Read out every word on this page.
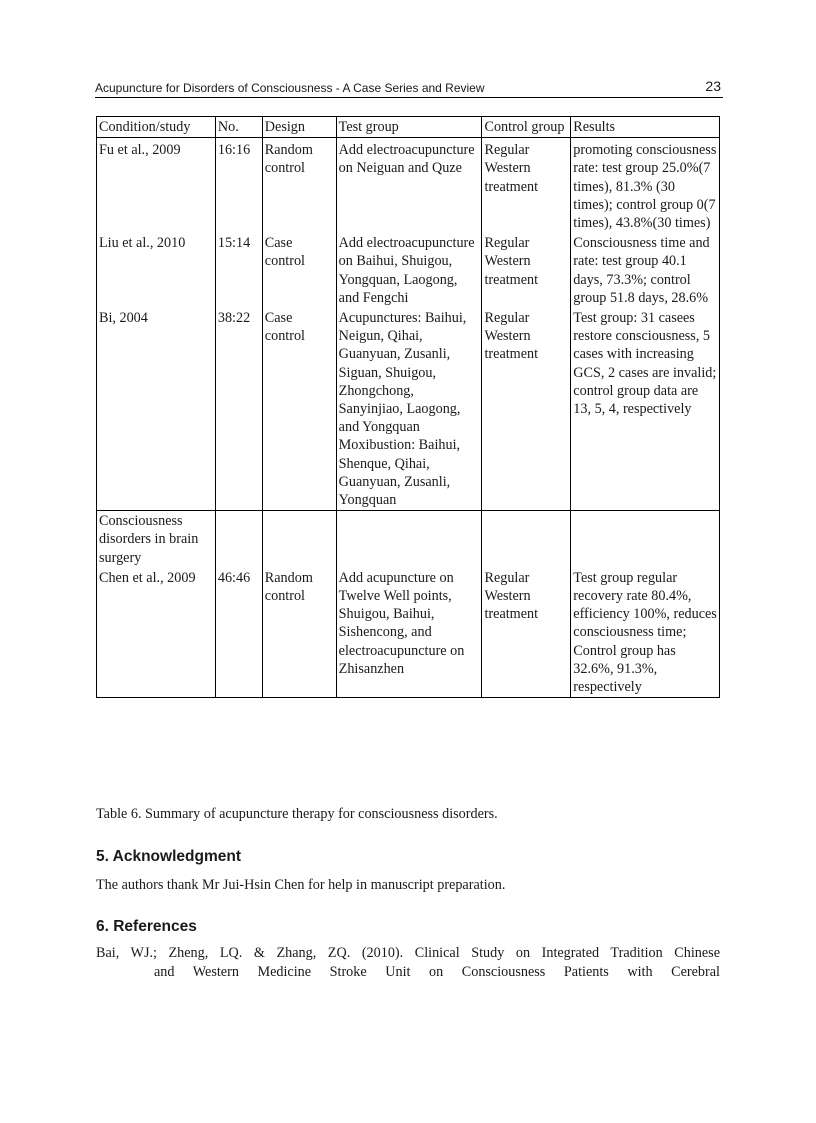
Acupuncture for Disorders of Consciousness - A Case Series and Review	23
Condition/study	No.	Design	Test group	Control group	Results
Fu et al., 2009	16:16	Random control	Add electroacupuncture on Neiguan and Quze	Regular Western treatment	promoting consciousness rate: test group 25.0%(7 times), 81.3% (30 times); control group 0(7 times), 43.8%(30 times)
Liu et al., 2010	15:14	Case control	Add electroacupuncture on Baihui, Shuigou, Yongquan, Laogong, and Fengchi	Regular Western treatment	Consciousness time and rate: test group 40.1 days, 73.3%; control group 51.8 days, 28.6%
Bi, 2004	38:22	Case control	Acupunctures: Baihui, Neigun, Qihai, Guanyuan, Zusanli, Siguan, Shuigou, Zhongchong, Sanyinjiao, Laogong, and Yongquan Moxibustion: Baihui, Shenque, Qihai, Guanyuan, Zusanli, Yongquan	Regular Western treatment	Test group: 31 casees restore consciousness, 5 cases with increasing GCS, 2 cases are invalid; control group data are 13, 5, 4, respectively
Consciousness disorders in brain surgery					
Chen et al., 2009	46:46	Random control	Add acupuncture on Twelve Well points, Shuigou, Baihui, Sishencong, and electroacupuncture on Zhisanzhen	Regular Western treatment	Test group regular recovery rate 80.4%, efficiency 100%, reduces consciousness time; Control group has 32.6%, 91.3%, respectively
Table 6. Summary of acupuncture therapy for consciousness disorders.
5. Acknowledgment
The authors thank Mr Jui-Hsin Chen for help in manuscript preparation.
6. References
Bai, WJ.; Zheng, LQ. & Zhang, ZQ. (2010). Clinical Study on Integrated Tradition Chinese
and Western Medicine Stroke Unit on Consciousness Patients with Cerebral
